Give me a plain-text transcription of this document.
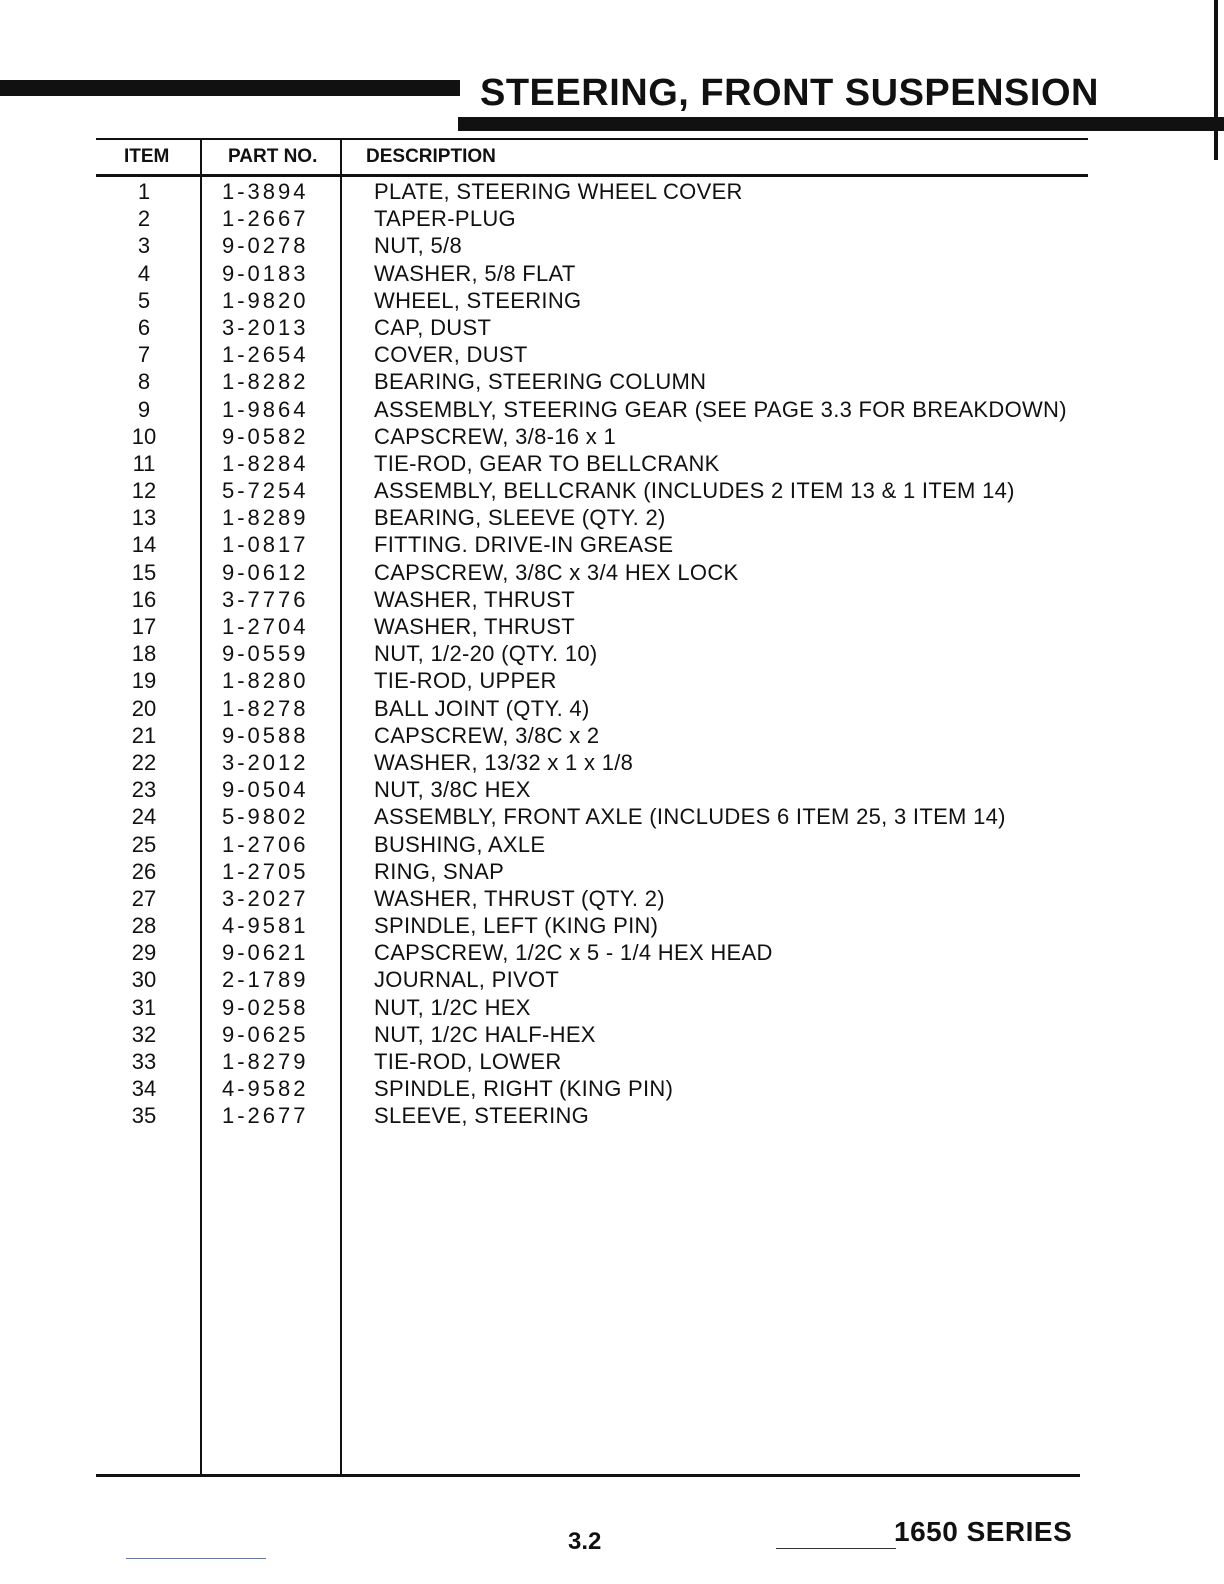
STEERING, FRONT SUSPENSION
ITEM	PART NO.	DESCRIPTION
1	1-3894	PLATE, STEERING WHEEL COVER
2	1-2667	TAPER-PLUG
3	9-0278	NUT, 5/8
4	9-0183	WASHER, 5/8 FLAT
5	1-9820	WHEEL, STEERING
6	3-2013	CAP, DUST
7	1-2654	COVER, DUST
8	1-8282	BEARING, STEERING COLUMN
9	1-9864	ASSEMBLY, STEERING GEAR (SEE PAGE 3.3 FOR BREAKDOWN)
10	9-0582	CAPSCREW, 3/8-16 x 1
11	1-8284	TIE-ROD, GEAR TO BELLCRANK
12	5-7254	ASSEMBLY, BELLCRANK (INCLUDES 2 ITEM 13 & 1 ITEM 14)
13	1-8289	BEARING, SLEEVE (QTY. 2)
14	1-0817	FITTING. DRIVE-IN GREASE
15	9-0612	CAPSCREW, 3/8C x 3/4 HEX LOCK
16	3-7776	WASHER, THRUST
17	1-2704	WASHER, THRUST
18	9-0559	NUT, 1/2-20 (QTY. 10)
19	1-8280	TIE-ROD, UPPER
20	1-8278	BALL JOINT (QTY. 4)
21	9-0588	CAPSCREW, 3/8C x 2
22	3-2012	WASHER, 13/32 x 1 x 1/8
23	9-0504	NUT, 3/8C HEX
24	5-9802	ASSEMBLY, FRONT AXLE (INCLUDES 6 ITEM 25, 3 ITEM 14)
25	1-2706	BUSHING, AXLE
26	1-2705	RING, SNAP
27	3-2027	WASHER, THRUST (QTY. 2)
28	4-9581	SPINDLE, LEFT (KING PIN)
29	9-0621	CAPSCREW, 1/2C x 5 - 1/4 HEX HEAD
30	2-1789	JOURNAL, PIVOT
31	9-0258	NUT, 1/2C HEX
32	9-0625	NUT, 1/2C HALF-HEX
33	1-8279	TIE-ROD, LOWER
34	4-9582	SPINDLE, RIGHT (KING PIN)
35	1-2677	SLEEVE, STEERING
3.2	1650 SERIES
